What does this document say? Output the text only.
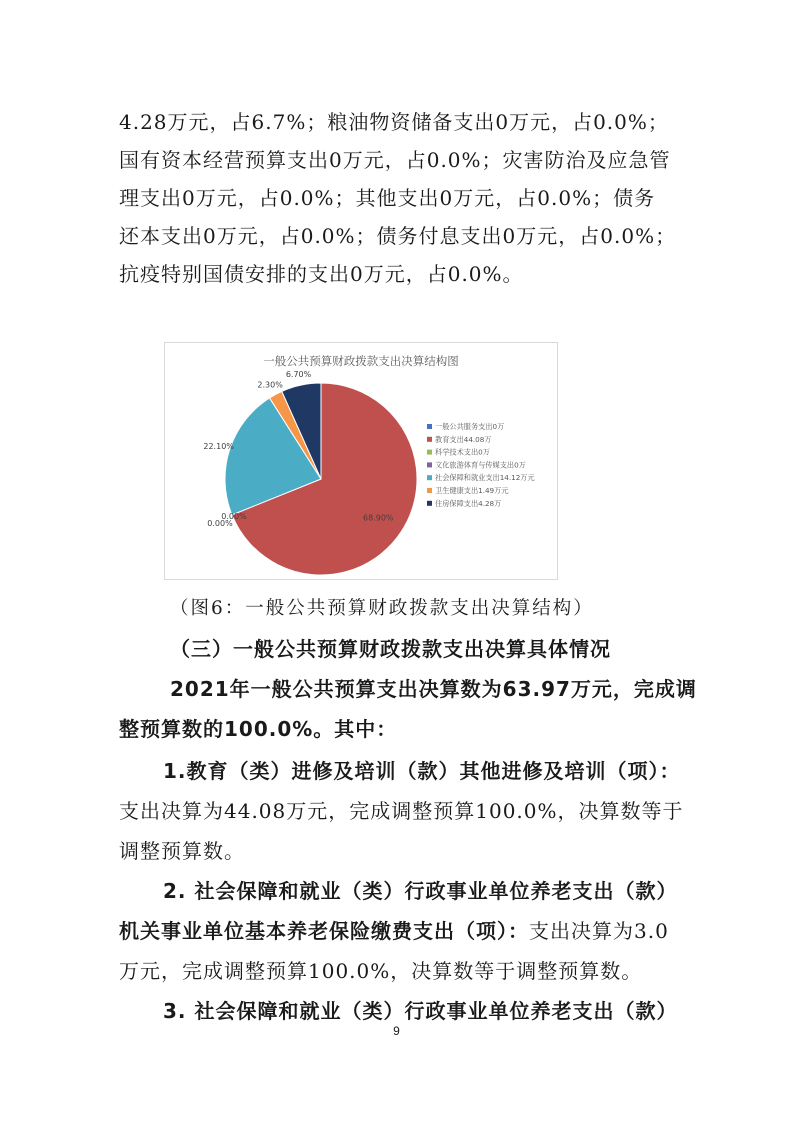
4.28万元，占6.7%；粮油物资储备支出0万元，占0.0%；
国有资本经营预算支出0万元，占0.0%；灾害防治及应急管
理支出0万元，占0.0%；其他支出0万元，占0.0%；债务
还本支出0万元，占0.0%；债务付息支出0万元，占0.0%；
抗疫特别国债安排的支出0万元，占0.0%。
一般公共预算财政拨款支出决算结构图
68.90%
22.10%
2.30%
6.70%
0.00%
0.00%
一般公共服务支出0万
教育支出44.08万
科学技术支出0万
文化旅游体育与传媒支出0万
社会保障和就业支出14.12万元
卫生健康支出1.49万元
住房保障支出4.28万
（图6：一般公共预算财政拨款支出决算结构）
（三）一般公共预算财政拨款支出决算具体情况
2021年一般公共预算支出决算数为63.97万元，完成调
整预算数的100.0%。其中：
1.教育（类）进修及培训（款）其他进修及培训（项）：
支出决算为44.08万元，完成调整预算100.0%，决算数等于
调整预算数。
2. 社会保障和就业（类）行政事业单位养老支出（款）
机关事业单位基本养老保险缴费支出（项）：支出决算为3.0
万元，完成调整预算100.0%，决算数等于调整预算数。
3. 社会保障和就业（类）行政事业单位养老支出（款）
9
